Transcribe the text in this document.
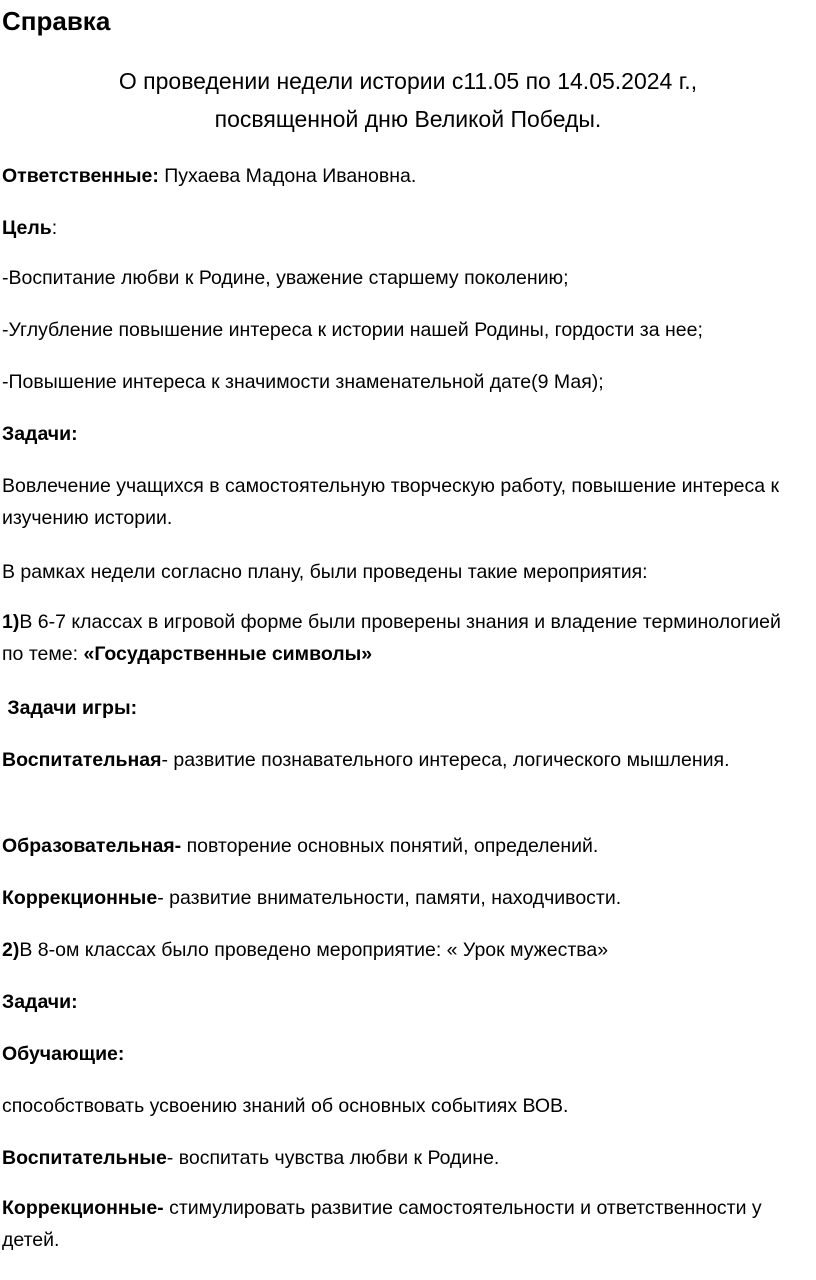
Справка
О проведении недели истории с11.05 по 14.05.2024 г.,
посвященной дню Великой Победы.

Ответственные: Пухаева Мадона Ивановна.

Цель:

-Воспитание любви к Родине, уважение старшему поколению;

-Углубление повышение интереса к истории нашей Родины, гордости за нее;

-Повышение интереса к значимости знаменательной дате(9 Мая);

Задачи:

Вовлечение учащихся в самостоятельную творческую работу, повышение интереса к изучению истории.

В рамках недели согласно плану, были проведены такие мероприятия:

1)В 6-7 классах в игровой форме были проверены знания и владение терминологией по теме: «Государственные символы»

Задачи игры:

Воспитательная- развитие познавательного интереса, логического мышления.

Образовательная- повторение основных понятий, определений.

Коррекционные- развитие внимательности, памяти, находчивости.

2)В 8-ом классах было проведено мероприятие: « Урок мужества»

Задачи:

Обучающие:

способствовать усвоению знаний об основных событиях ВОВ.

Воспитательные- воспитать чувства любви к Родине.

Коррекционные- стимулировать развитие самостоятельности и ответственности у детей.
